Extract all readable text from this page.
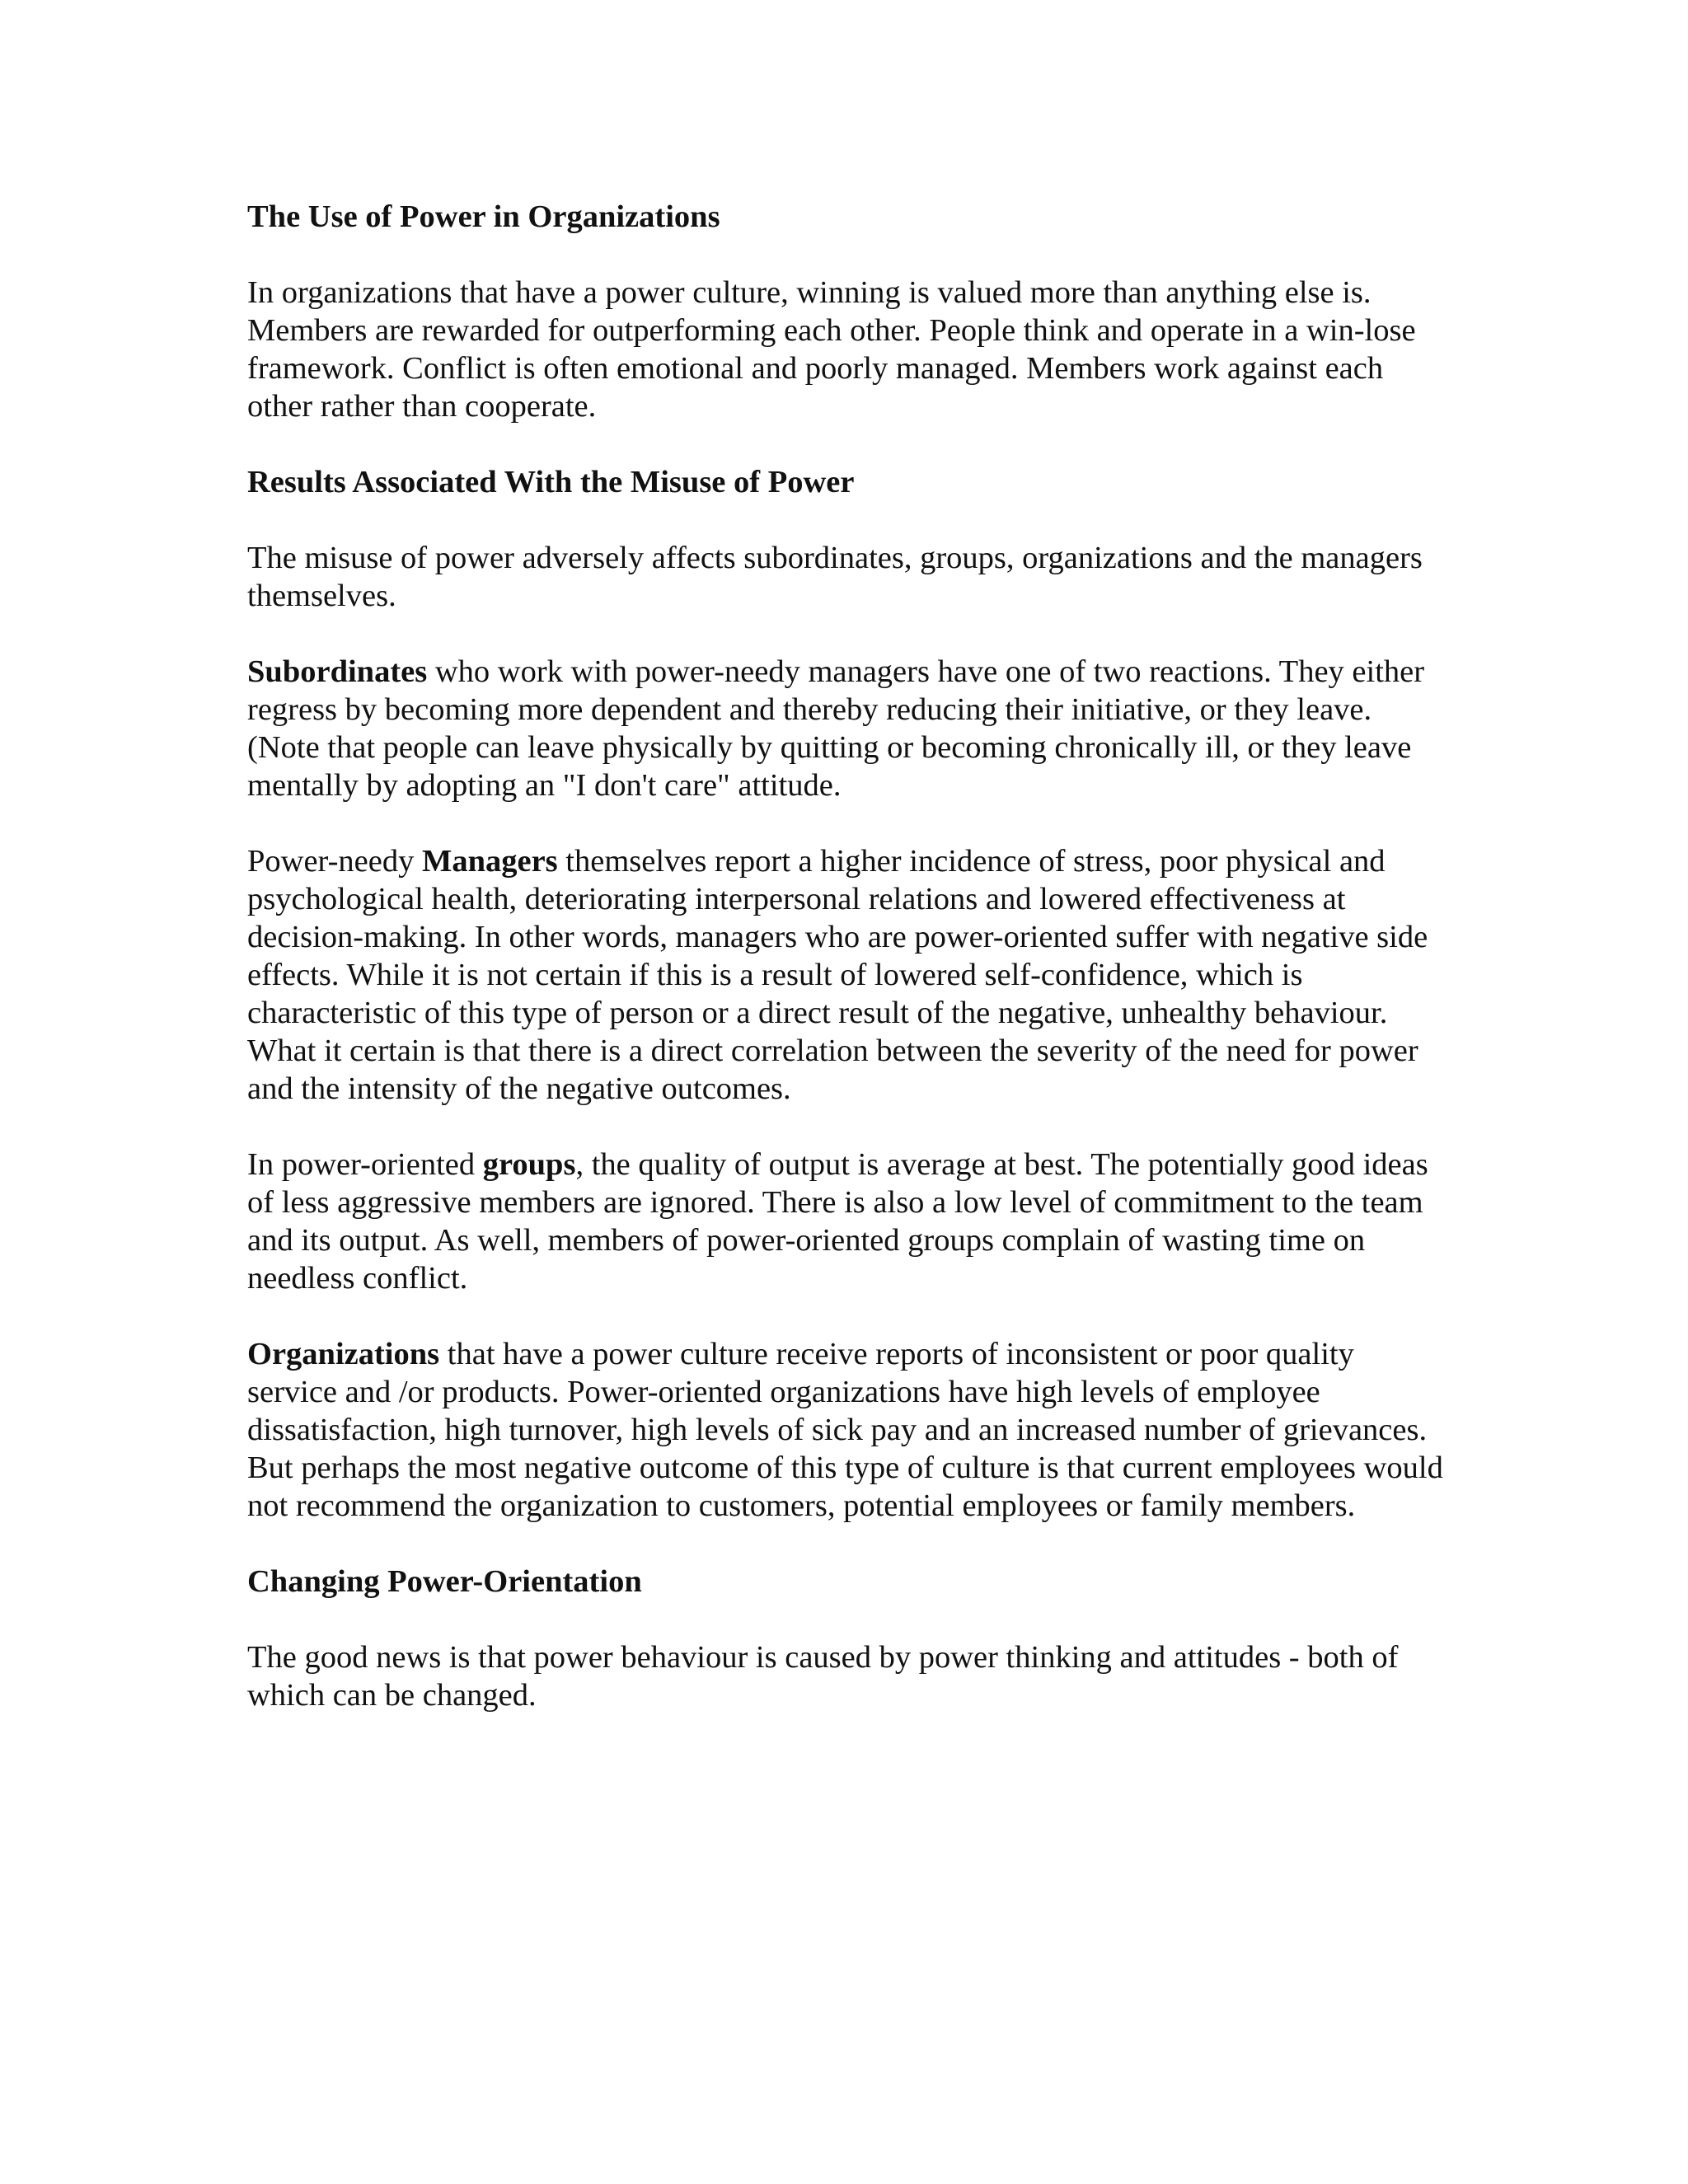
The Use of Power in Organizations
In organizations that have a power culture, winning is valued more than anything else is. Members are rewarded for outperforming each other. People think and operate in a win-lose framework. Conflict is often emotional and poorly managed. Members work against each other rather than cooperate.
Results Associated With the Misuse of Power
The misuse of power adversely affects subordinates, groups, organizations and the managers themselves.
Subordinates who work with power-needy managers have one of two reactions. They either regress by becoming more dependent and thereby reducing their initiative, or they leave. (Note that people can leave physically by quitting or becoming chronically ill, or they leave mentally by adopting an "I don't care" attitude.
Power-needy Managers themselves report a higher incidence of stress, poor physical and psychological health, deteriorating interpersonal relations and lowered effectiveness at decision-making. In other words, managers who are power-oriented suffer with negative side effects. While it is not certain if this is a result of lowered self-confidence, which is characteristic of this type of person or a direct result of the negative, unhealthy behaviour. What it certain is that there is a direct correlation between the severity of the need for power and the intensity of the negative outcomes.
In power-oriented groups, the quality of output is average at best. The potentially good ideas of less aggressive members are ignored. There is also a low level of commitment to the team and its output. As well, members of power-oriented groups complain of wasting time on needless conflict.
Organizations that have a power culture receive reports of inconsistent or poor quality service and /or products. Power-oriented organizations have high levels of employee dissatisfaction, high turnover, high levels of sick pay and an increased number of grievances. But perhaps the most negative outcome of this type of culture is that current employees would not recommend the organization to customers, potential employees or family members.
Changing Power-Orientation
The good news is that power behaviour is caused by power thinking and attitudes - both of which can be changed.
